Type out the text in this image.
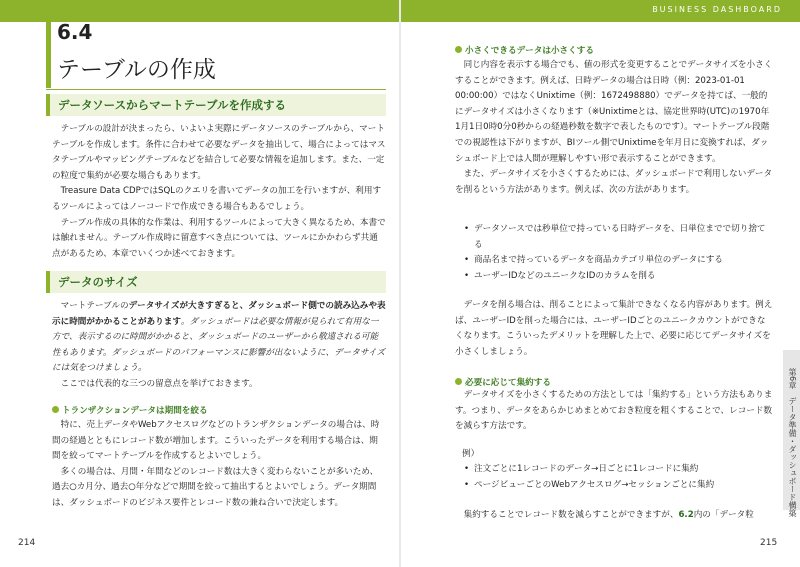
BUSINESS DASHBOARD
6.4
テーブルの作成
データソースからマートテーブルを作成する

テーブルの設計が決まったら、いよいよ実際にデータソースのテーブルから、マートテーブルを作成します。条件に合わせて必要なデータを抽出して、場合によってはマスタテーブルやマッピングテーブルなどを結合して必要な情報を追加します。また、一定の粒度で集約が必要な場合もあります。

Treasure Data CDPではSQLのクエリを書いてデータの加工を行いますが、利用するツールによってはノーコードで作成できる場合もあるでしょう。

テーブル作成の具体的な作業は、利用するツールによって大きく異なるため、本書では触れません。テーブル作成時に留意すべき点については、ツールにかかわらず共通点があるため、本章でいくつか述べておきます。

データのサイズ

マートテーブルのデータサイズが大きすぎると、ダッシュボード側での読み込みや表示に時間がかかることがあります。ダッシュボードは必要な情報が見られて有用な一方で、表示するのに時間がかかると、ダッシュボードのユーザーから敬遠される可能性もあります。ダッシュボードのパフォーマンスに影響が出ないように、データサイズには気をつけましょう。

ここでは代表的な三つの留意点を挙げておきます。

トランザクションデータは期間を絞る

特に、売上データやWebアクセスログなどのトランザクションデータの場合は、時間の経過とともにレコード数が増加します。こういったデータを利用する場合は、期間を絞ってマートテーブルを作成するとよいでしょう。

多くの場合は、月間・年間などのレコード数は大きく変わらないことが多いため、過去○カ月分、過去○年分などで期間を絞って抽出するとよいでしょう。データ期間は、ダッシュボードのビジネス要件とレコード数の兼ね合いで決定します。

214
小さくできるデータは小さくする

同じ内容を表示する場合でも、値の形式を変更することでデータサイズを小さくすることができます。例えば、日時データの場合は日時（例：2023-01-01 00:00:00）ではなくUnixtime（例：1672498880）でデータを持てば、一般的にデータサイズは小さくなります（※Unixtimeとは、協定世界時(UTC)の1970年1月1日0時0分0秒からの経過秒数を数字で表したものです）。マートテーブル段階での視認性は下がりますが、BIツール側でUnixtimeを年月日に変換すれば、ダッシュボード上では人間が理解しやすい形で表示することができます。

また、データサイズを小さくするためには、ダッシュボードで利用しないデータを削るという方法があります。例えば、次の方法があります。

• データソースでは秒単位で持っている日時データを、日単位までで切り捨てる
• 商品名まで持っているデータを商品カテゴリ単位のデータにする
• ユーザーIDなどのユニークなIDのカラムを削る

データを削る場合は、削ることによって集計できなくなる内容があります。例えば、ユーザーIDを削った場合には、ユーザーIDごとのユニークカウントができなくなります。こういったデメリットを理解した上で、必要に応じてデータサイズを小さくしましょう。

必要に応じて集約する

データサイズを小さくするための方法としては「集約する」という方法もあります。つまり、データをあらかじめまとめておき粒度を粗くすることで、レコード数を減らす方法です。

例）
• 注文ごとに1レコードのデータ→日ごとに1レコードに集約
• ページビューごとのWebアクセスログ→セッションごとに集約

集約することでレコード数を減らすことができますが、6.2内の「データ粒

215
第6章　データ準備・ダッシュボード構築
